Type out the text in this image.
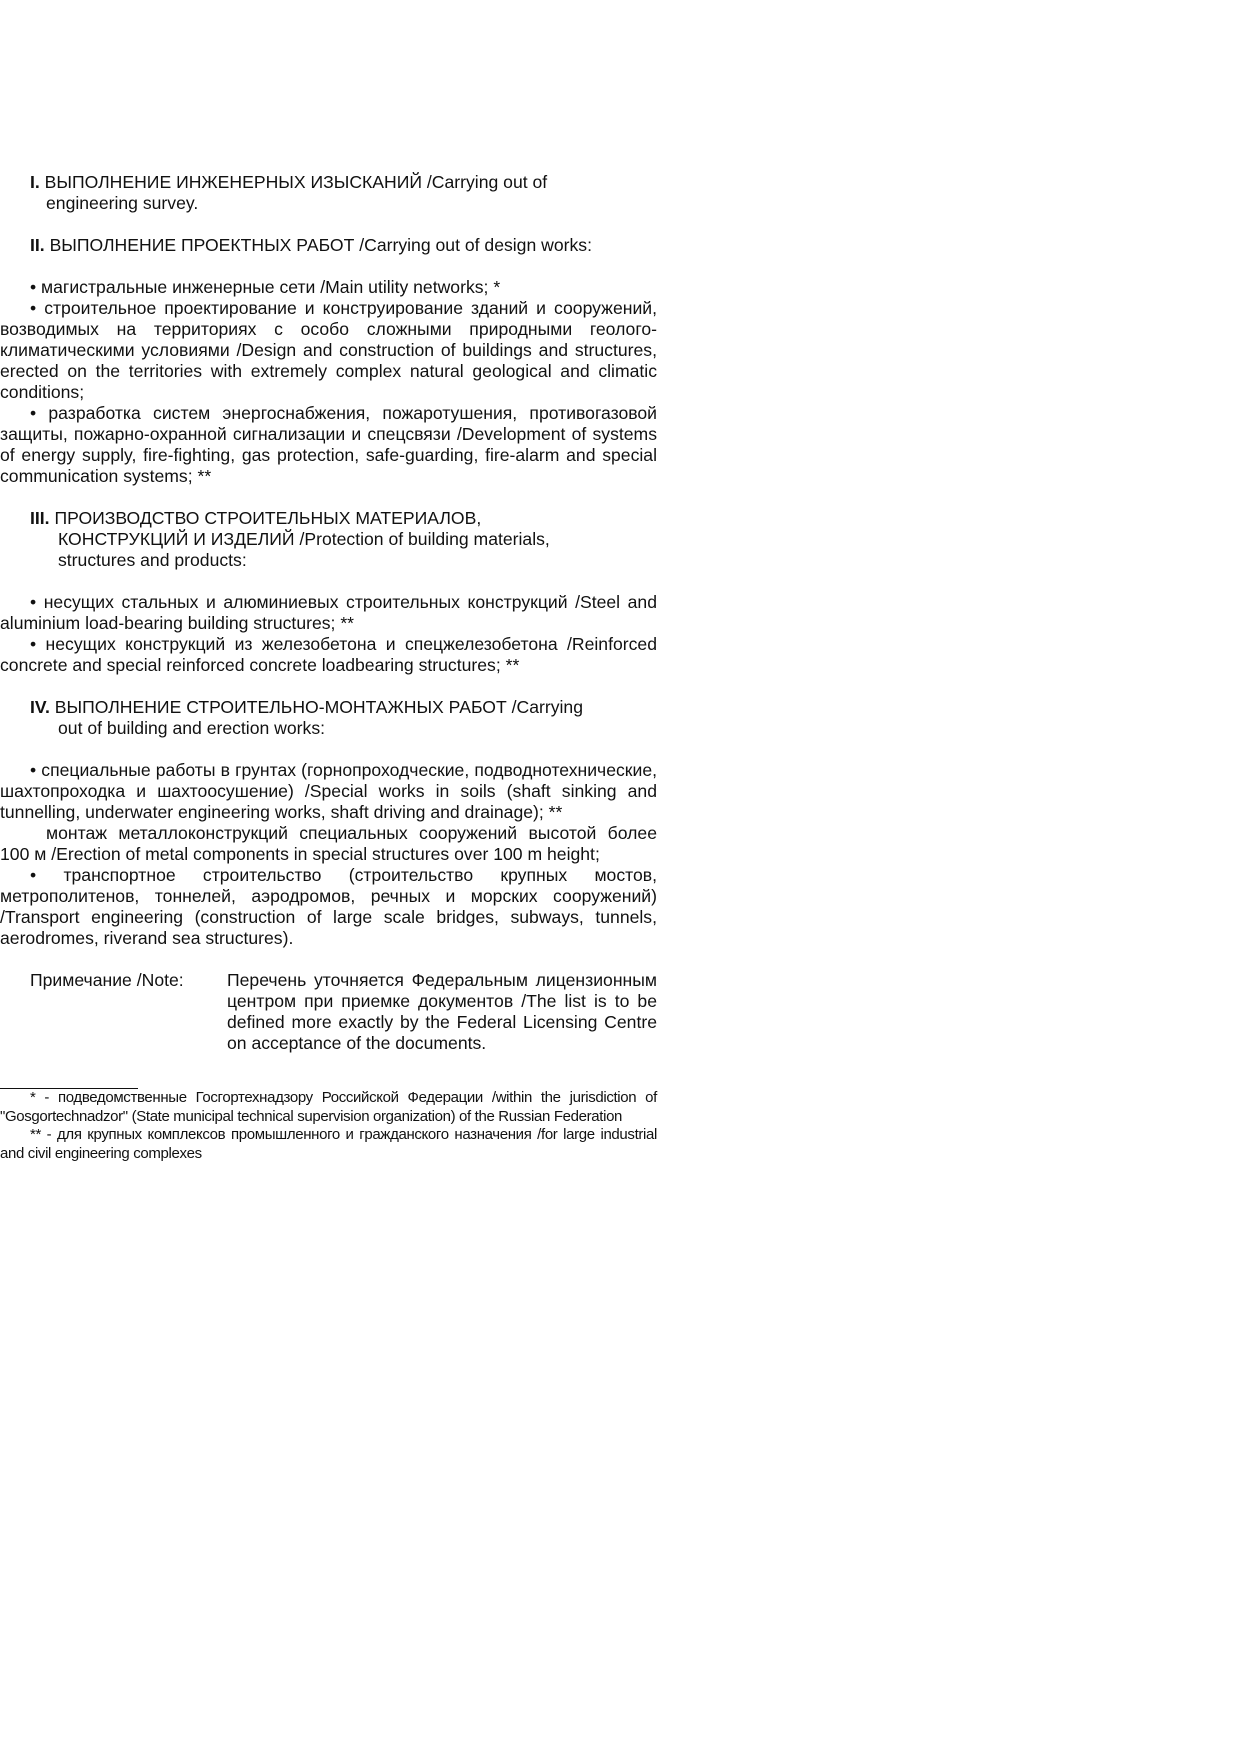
I. ВЫПОЛНЕНИЕ ИНЖЕНЕРНЫХ ИЗЫСКАНИЙ /Carrying out of
engineering survey.

II. ВЫПОЛНЕНИЕ ПРОЕКТНЫХ РАБОТ /Carrying out of design works:

• магистральные инженерные сети /Main utility networks; *

• строительное проектирование и конструирование зданий и сооружений, возводимых на территориях с особо сложными природными геолого-климатическими условиями /Design and construction of buildings and structures, erected on the territories with extremely complex natural geological and climatic conditions;

• разработка систем энергоснабжения, пожаротушения, противогазовой защиты, пожарно-охранной сигнализации и спецсвязи /Development of systems of energy supply, fire-fighting, gas protection, safe-guarding, fire-alarm and special communication systems; **

III. ПРОИЗВОДСТВО СТРОИТЕЛЬНЫХ МАТЕРИАЛОВ,
КОНСТРУКЦИЙ И ИЗДЕЛИЙ /Protection of building materials,
structures and products:

• несущих стальных и алюминиевых строительных конструкций /Steel and aluminium load-bearing building structures; **

• несущих конструкций из железобетона и спецжелезобетона /Reinforced concrete and special reinforced concrete loadbearing structures; **

IV. ВЫПОЛНЕНИЕ СТРОИТЕЛЬНО-МОНТАЖНЫХ РАБОТ /Carrying
out of building and erection works:

• специальные работы в грунтах (горнопроходческие, подводнотехнические, шахтопроходка и шахтоосушение) /Special works in soils (shaft sinking and tunnelling, underwater engineering works, shaft driving and drainage); **

монтаж металлоконструкций специальных сооружений высотой более 100 м /Erection of metal components in special structures over 100 m height;

• транспортное строительство (строительство крупных мостов, метрополитенов, тоннелей, аэродромов, речных и морских сооружений) /Transport engineering (construction of large scale bridges, subways, tunnels, aerodromes, riverand sea structures).

Примечание /Note:	Перечень уточняется Федеральным лицензионным центром при приемке документов /The list is to be defined more exactly by the Federal Licensing Centre on acceptance of the documents.

* - подведомственные Госгортехнадзору Российской Федерации /within the jurisdiction of "Gosgortechnadzor" (State municipal technical supervision organization) of the Russian Federation

** - для крупных комплексов промышленного и гражданского назначения /for large industrial and civil engineering complexes
